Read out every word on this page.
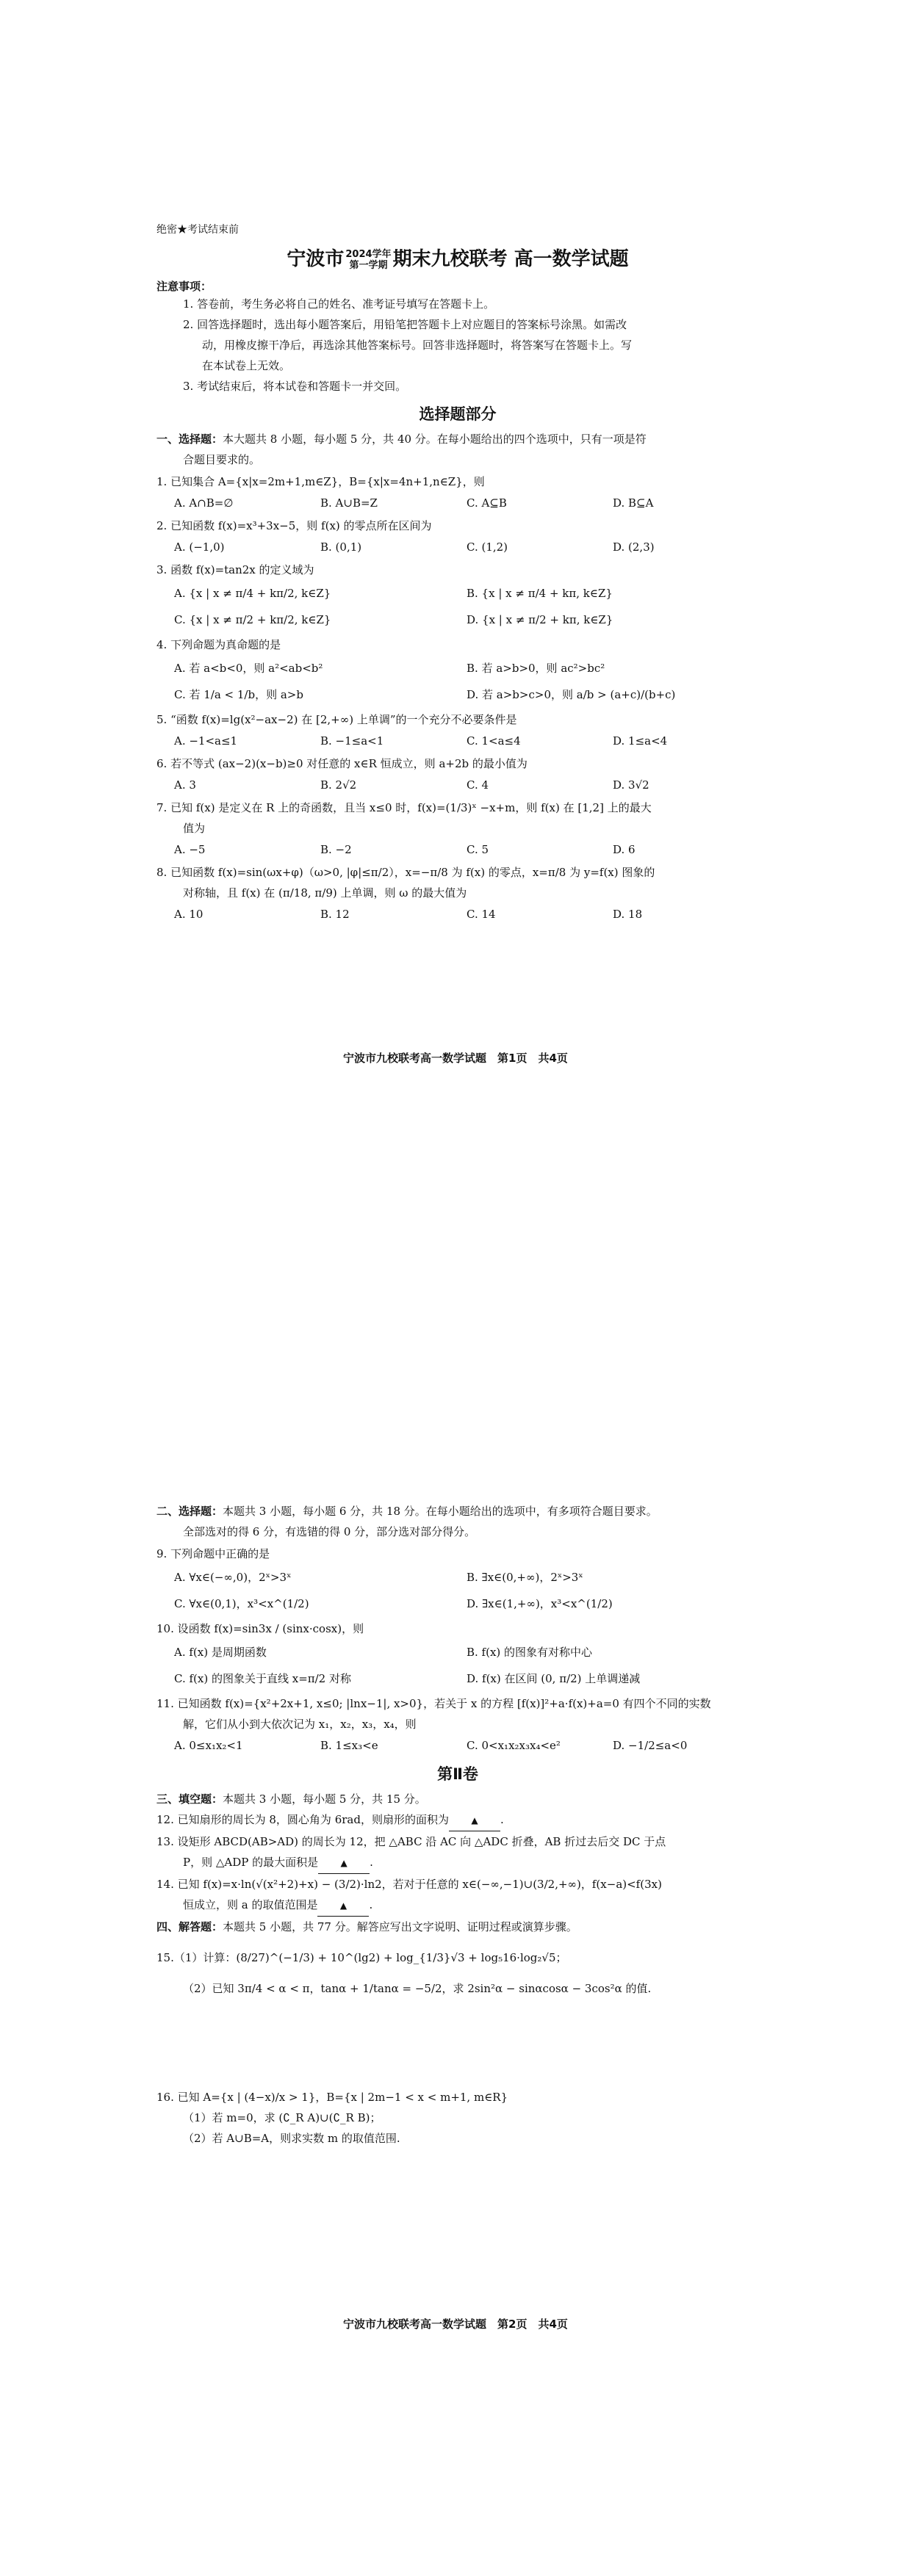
绝密★考试结束前
宁波市 2024学年
第一学期 期末九校联考 高一数学试题
注意事项：
1. 答卷前，考生务必将自己的姓名、准考证号填写在答题卡上。
2. 回答选择题时，选出每小题答案后，用铅笔把答题卡上对应题目的答案标号涂黑。如需改
动，用橡皮擦干净后，再选涂其他答案标号。回答非选择题时，将答案写在答题卡上。写
在本试卷上无效。
3. 考试结束后，将本试卷和答题卡一并交回。
选择题部分
一、选择题：本大题共 8 小题，每小题 5 分，共 40 分。在每小题给出的四个选项中，只有一项是符
合题目要求的。
1. 已知集合 A={x|x=2m+1,m∈Z}，B={x|x=4n+1,n∈Z}，则
A. A∩B=∅	B. A∪B=Z	C. A⊆B	D. B⊆A
2. 已知函数 f(x)=x³+3x−5，则 f(x) 的零点所在区间为
A. (−1,0)	B. (0,1)	C. (1,2)	D. (2,3)
3. 函数 f(x)=tan2x 的定义域为
A. {x | x ≠ π/4 + kπ/2, k∈Z}	B. {x | x ≠ π/4 + kπ, k∈Z}
C. {x | x ≠ π/2 + kπ/2, k∈Z}	D. {x | x ≠ π/2 + kπ, k∈Z}
4. 下列命题为真命题的是
A. 若 a<b<0，则 a²<ab<b²	B. 若 a>b>0，则 ac²>bc²
C. 若 1/a < 1/b，则 a>b	D. 若 a>b>c>0，则 a/b > (a+c)/(b+c)
5. “函数 f(x)=lg(x²−ax−2) 在 [2,+∞) 上单调”的一个充分不必要条件是
A. −1<a≤1	B. −1≤a<1	C. 1<a≤4	D. 1≤a<4
6. 若不等式 (ax−2)(x−b)≥0 对任意的 x∈R 恒成立，则 a+2b 的最小值为
A. 3	B. 2√2	C. 4	D. 3√2
7. 已知 f(x) 是定义在 R 上的奇函数，且当 x≤0 时，f(x)=(1/3)ˣ −x+m，则 f(x) 在 [1,2] 上的最大
值为
A. −5	B. −2	C. 5	D. 6
8. 已知函数 f(x)=sin(ωx+φ)（ω>0, |φ|≤π/2），x=−π/8 为 f(x) 的零点，x=π/8 为 y=f(x) 图象的
对称轴，且 f(x) 在 (π/18, π/9) 上单调，则 ω 的最大值为
A. 10	B. 12	C. 14	D. 18
宁波市九校联考高一数学试题　第1页　共4页
二、选择题：本题共 3 小题，每小题 6 分，共 18 分。在每小题给出的选项中，有多项符合题目要求。
全部选对的得 6 分，有选错的得 0 分，部分选对部分得分。
9. 下列命题中正确的是
A. ∀x∈(−∞,0)，2ˣ>3ˣ	B. ∃x∈(0,+∞)，2ˣ>3ˣ
C. ∀x∈(0,1)，x³<x^(1/2)	D. ∃x∈(1,+∞)，x³<x^(1/2)
10. 设函数 f(x)=sin3x / (sinx·cosx)，则
A. f(x) 是周期函数	B. f(x) 的图象有对称中心
C. f(x) 的图象关于直线 x=π/2 对称	D. f(x) 在区间 (0, π/2) 上单调递减
11. 已知函数 f(x)={x²+2x+1, x≤0; |lnx−1|, x>0}，若关于 x 的方程 [f(x)]²+a·f(x)+a=0 有四个不同的实数
解，它们从小到大依次记为 x₁，x₂，x₃，x₄，则
A. 0≤x₁x₂<1	B. 1≤x₃<e	C. 0<x₁x₂x₃x₄<e²	D. −1/2≤a<0
第Ⅱ卷
三、填空题：本题共 3 小题，每小题 5 分，共 15 分。
12. 已知扇形的周长为 8，圆心角为 6rad，则扇形的面积为	▲ .
13. 设矩形 ABCD(AB>AD) 的周长为 12，把 △ABC 沿 AC 向 △ADC 折叠，AB 折过去后交 DC 于点
P，则 △ADP 的最大面积是	▲ .
14. 已知 f(x)=x·ln(√(x²+2)+x) − (3/2)·ln2，若对于任意的 x∈(−∞,−1)∪(3/2,+∞)，f(x−a)<f(3x)
恒成立，则 a 的取值范围是	▲ .
四、解答题：本题共 5 小题，共 77 分。解答应写出文字说明、证明过程或演算步骤。
15.（1）计算：(8/27)^(−1/3) + 10^(lg2) + log_{1/3}√3 + log₅16·log₂√5；
（2）已知 3π/4 < α < π，tanα + 1/tanα = −5/2，求 2sin²α − sinαcosα − 3cos²α 的值.
16. 已知 A={x | (4−x)/x > 1}，B={x | 2m−1 < x < m+1, m∈R}
（1）若 m=0，求 (∁_R A)∪(∁_R B)；
（2）若 A∪B=A，则求实数 m 的取值范围.
宁波市九校联考高一数学试题　第2页　共4页
